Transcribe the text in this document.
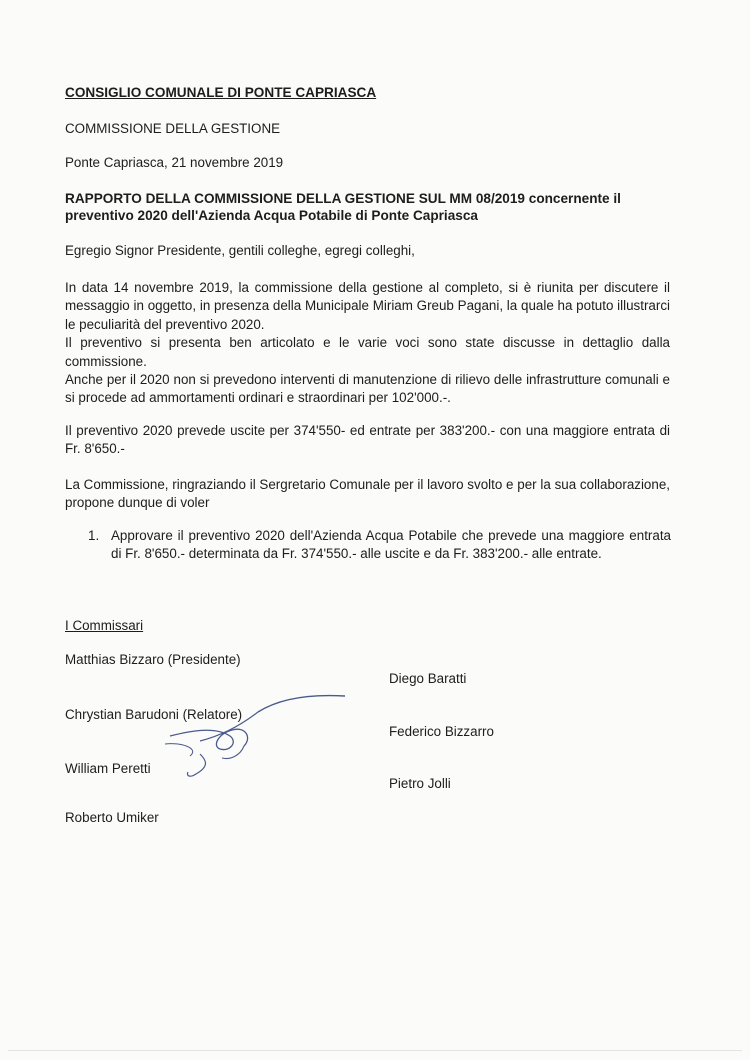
CONSIGLIO COMUNALE DI PONTE CAPRIASCA
COMMISSIONE DELLA GESTIONE
Ponte Capriasca, 21 novembre 2019
RAPPORTO DELLA COMMISSIONE DELLA GESTIONE SUL MM 08/2019 concernente il
preventivo 2020 dell'Azienda Acqua Potabile di Ponte Capriasca
Egregio Signor Presidente, gentili colleghe, egregi colleghi,

In data 14 novembre 2019, la commissione della gestione al completo, si è riunita per discutere il messaggio in oggetto, in presenza della Municipale Miriam Greub Pagani, la quale ha potuto illustrarci le peculiarità del preventivo 2020.

Il preventivo si presenta ben articolato e le varie voci sono state discusse in dettaglio dalla commissione.

Anche per il 2020 non si prevedono interventi di manutenzione di rilievo delle infrastrutture comunali e si procede ad ammortamenti ordinari e straordinari per 102'000.-.

Il preventivo 2020 prevede uscite per 374'550- ed entrate per 383'200.- con una maggiore entrata di Fr. 8'650.-
La Commissione, ringraziando il Sergretario Comunale per il lavoro svolto e per la sua collaborazione, propone dunque di voler
1. Approvare il preventivo 2020 dell'Azienda Acqua Potabile che prevede una maggiore entrata di Fr. 8'650.- determinata da Fr. 374'550.- alle uscite e da Fr. 383'200.- alle entrate.
I Commissari
Matthias Bizzaro (Presidente)
Chrystian Barudoni (Relatore)
William Peretti
Roberto Umiker
Diego Baratti
Federico Bizzarro
Pietro Jolli
